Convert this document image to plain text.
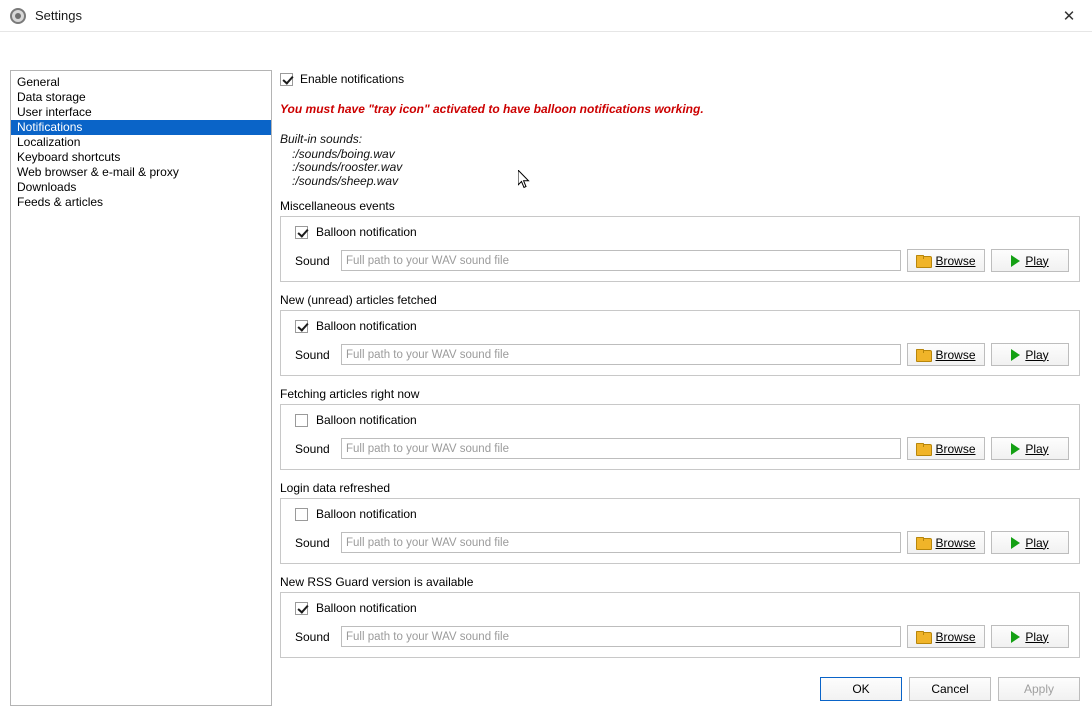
Settings	✕
General
Data storage
User interface
Notifications
Localization
Keyboard shortcuts
Web browser & e-mail & proxy
Downloads
Feeds & articles
Enable notifications
You must have "tray icon" activated to have balloon notifications working.
Built-in sounds:
:/sounds/boing.wav
:/sounds/rooster.wav
:/sounds/sheep.wav
Miscellaneous events
Balloon notification
Sound
Full path to your WAV sound file	Browse	Play
New (unread) articles fetched
Balloon notification
Sound
Full path to your WAV sound file	Browse	Play
Fetching articles right now
Balloon notification
Sound
Full path to your WAV sound file	Browse	Play
Login data refreshed
Balloon notification
Sound
Full path to your WAV sound file	Browse	Play
New RSS Guard version is available
Balloon notification
Sound
Full path to your WAV sound file	Browse	Play
OK	Cancel	Apply
